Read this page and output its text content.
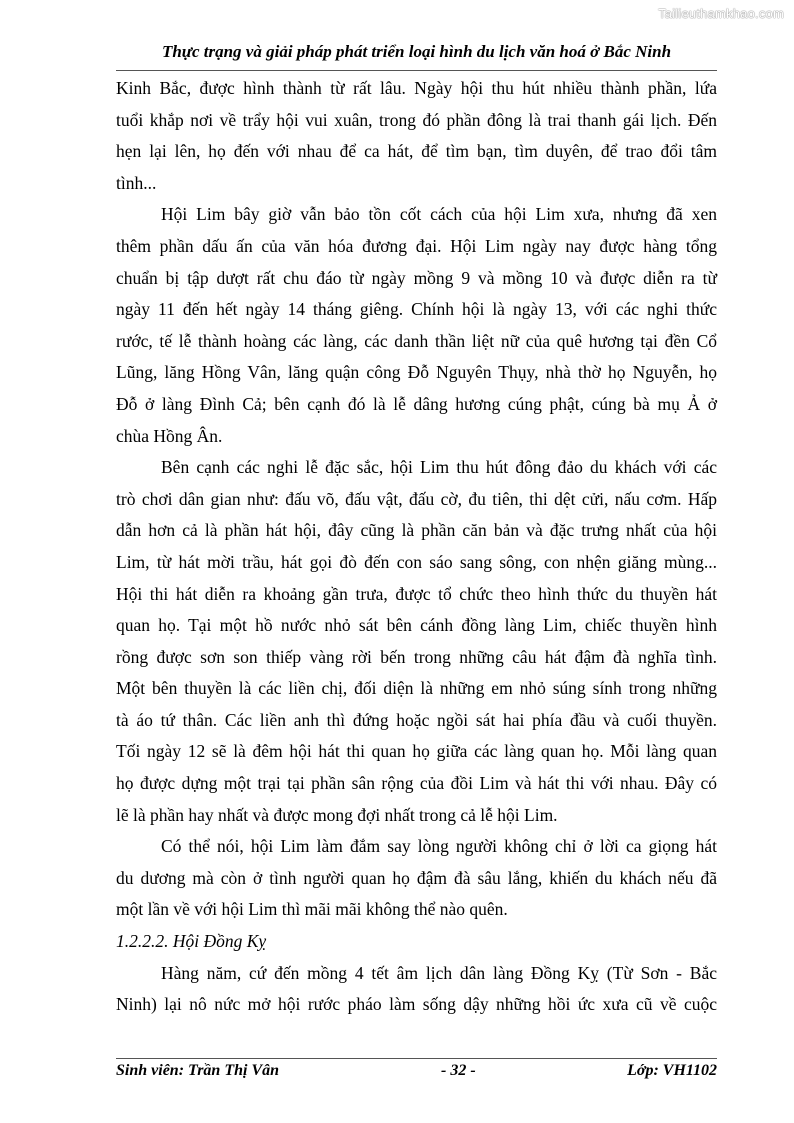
Tailieuthamkhao.com
Thực trạng và giải pháp phát triển loại hình du lịch văn hoá ở Bắc Ninh
Kinh Bắc, được hình thành từ rất lâu. Ngày hội thu hút nhiều thành phần, lứa
tuổi khắp nơi về trẩy hội vui xuân, trong đó phần đông là trai thanh gái lịch. Đến
hẹn lại lên, họ đến với nhau để ca hát, để tìm bạn, tìm duyên, để trao đổi tâm
tình...
Hội Lim bây giờ vẫn bảo tồn cốt cách của hội Lim xưa, nhưng đã xen
thêm phần dấu ấn của văn hóa đương đại. Hội Lim ngày nay được hàng tổng
chuẩn bị tập dượt rất chu đáo từ ngày mồng 9 và mồng 10 và được diễn ra từ
ngày 11 đến hết ngày 14 tháng giêng. Chính hội là ngày 13, với các nghi thức
rước, tế lễ thành hoàng các làng, các danh thần liệt nữ của quê hương tại đền Cổ
Lũng, lăng Hồng Vân, lăng quận công Đỗ Nguyên Thụy, nhà thờ họ Nguyễn, họ
Đỗ ở làng Đình Cả; bên cạnh đó là lễ dâng hương cúng phật, cúng bà mụ Ả ở
chùa Hồng Ân.
Bên cạnh các nghi lễ đặc sắc, hội Lim thu hút đông đảo du khách với các
trò chơi dân gian như: đấu võ, đấu vật, đấu cờ, đu tiên, thi dệt cửi, nấu cơm. Hấp
dẫn hơn cả là phần hát hội, đây cũng là phần căn bản và đặc trưng nhất của hội
Lim, từ hát mời trầu, hát gọi đò đến con sáo sang sông, con nhện giăng mùng...
Hội thi hát diễn ra khoảng gần trưa, được tổ chức theo hình thức du thuyền hát
quan họ. Tại một hồ nước nhỏ sát bên cánh đồng làng Lim, chiếc thuyền hình
rồng được sơn son thiếp vàng rời bến trong những câu hát đậm đà nghĩa tình.
Một bên thuyền là các liền chị, đối diện là những em nhỏ súng sính trong những
tà áo tứ thân. Các liền anh thì đứng hoặc ngồi sát hai phía đầu và cuối thuyền.
Tối ngày 12 sẽ là đêm hội hát thi quan họ giữa các làng quan họ. Mỗi làng quan
họ được dựng một trại tại phần sân rộng của đồi Lim và hát thi với nhau. Đây có
lẽ là phần hay nhất và được mong đợi nhất trong cả lễ hội Lim.
Có thể nói, hội Lim làm đắm say lòng người không chỉ ở lời ca giọng hát
du dương mà còn ở tình người quan họ đậm đà sâu lắng, khiến du khách nếu đã
một lần về với hội Lim thì mãi mãi không thể nào quên.
1.2.2.2. Hội Đồng Kỵ
Hàng năm, cứ đến mồng 4 tết âm lịch dân làng Đồng Kỵ (Từ Sơn - Bắc
Ninh) lại nô nức mở hội rước pháo làm sống dậy những hồi ức xưa cũ về cuộc
Sinh viên: Trần Thị Vân	- 32 -	Lớp: VH1102
